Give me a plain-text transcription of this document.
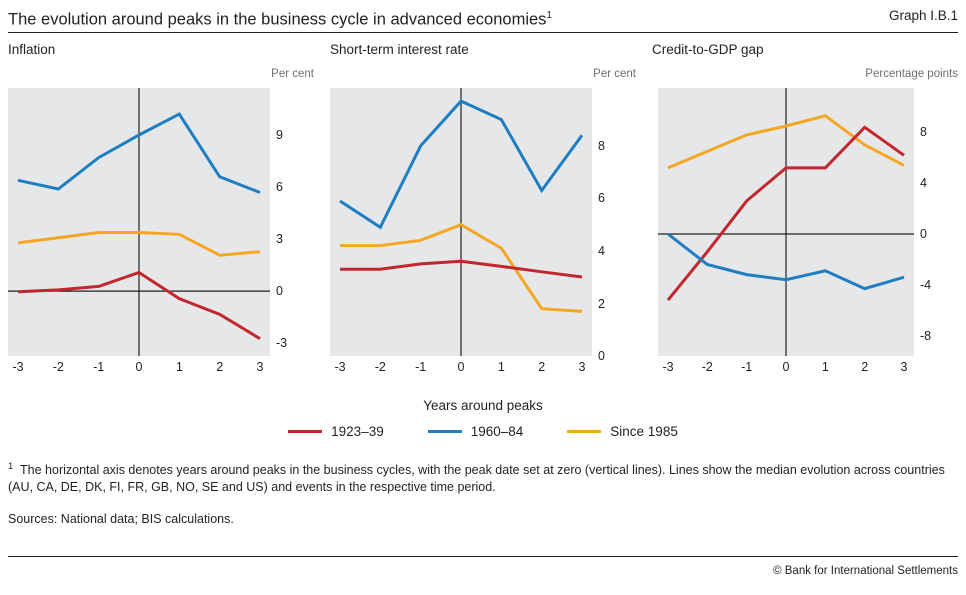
The evolution around peaks in the business cycle in advanced economies$^1$	Graph I.B.1
Inflation
Per cent
9
6
3
0
-3
-3 -2 -1	0	1	2	3
Short-term interest rate
Per cent
8
6
4
2
0
-3 -2 -1	0	1	2	3
Credit-to-GDP gap
Percentage points
8
4
0
-4
-8
-3 -2 -1 0	1	2	3
Years around peaks
1923–39	1960–84	Since 1985
$^1$ The horizontal axis denotes years around peaks in the business cycles, with the peak date set at zero (vertical lines). Lines show the median evolution across countries (AU, CA, DE, DK, FI, FR, GB, NO, SE and US) and events in the respective time period.
Sources: National data; BIS calculations.
© Bank for International Settlements
